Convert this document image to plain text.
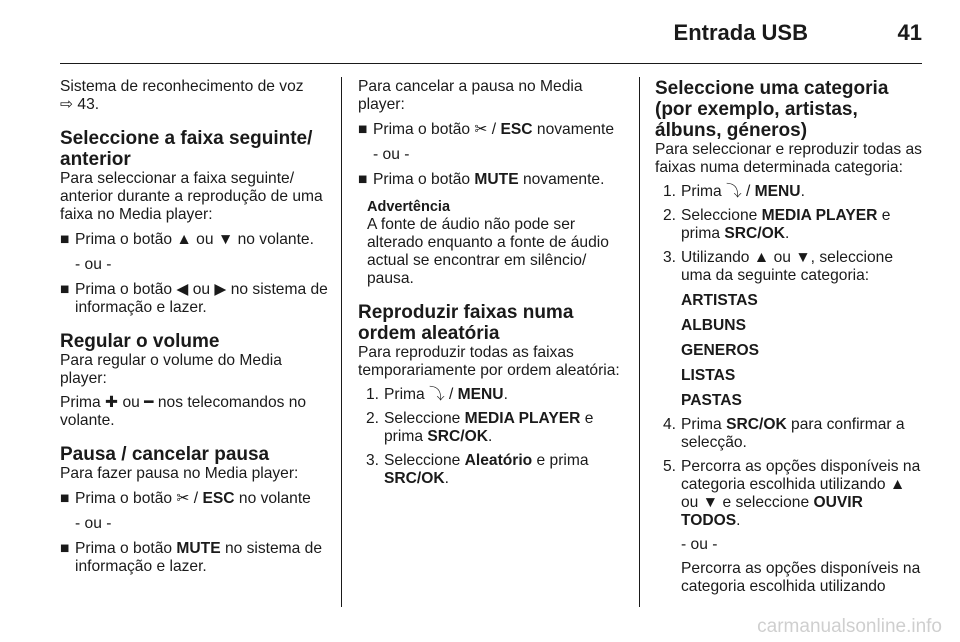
Entrada USB	41

Sistema de reconhecimento de voz

⇨ 43.

Seleccione a faixa seguinte/ anterior

Para seleccionar a faixa seguinte/ anterior durante a reprodução de uma faixa no Media player:

■ Prima o botão ▲ ou ▼ no volante.

- ou -

■ Prima o botão ◀ ou ▶ no sistema de informação e lazer.

Regular o volume

Para regular o volume do Media player:

Prima ✚ ou ━ nos telecomandos no volante.

Pausa / cancelar pausa

Para fazer pausa no Media player:

■ Prima o botão ✂ / ESC no volante

- ou -

■ Prima o botão MUTE no sistema de informação e lazer.

Para cancelar a pausa no Media player:

■ Prima o botão ✂ / ESC novamente

- ou -

■ Prima o botão MUTE novamente.

Advertência

A fonte de áudio não pode ser alterado enquanto a fonte de áudio actual se encontrar em silêncio/ pausa.

Reproduzir faixas numa ordem aleatória

Para reproduzir todas as faixas temporariamente por ordem aleatória:

1. Prima ⤵ / MENU.
2. Seleccione MEDIA PLAYER e prima SRC/OK.
3. Seleccione Aleatório e prima SRC/OK.

Seleccione uma categoria (por exemplo, artistas, álbuns, géneros)

Para seleccionar e reproduzir todas as faixas numa determinada categoria:

1. Prima ⤵ / MENU.
2. Seleccione MEDIA PLAYER e prima SRC/OK.
3. Utilizando ▲ ou ▼, seleccione uma da seguinte categoria:

ARTISTAS

ALBUNS

GENEROS

LISTAS

PASTAS

4. Prima SRC/OK para confirmar a selecção.
5. Percorra as opções disponíveis na categoria escolhida utilizando ▲ ou ▼ e seleccione OUVIR TODOS.

- ou -

Percorra as opções disponíveis na categoria escolhida utilizando

carmanualsonline.info
